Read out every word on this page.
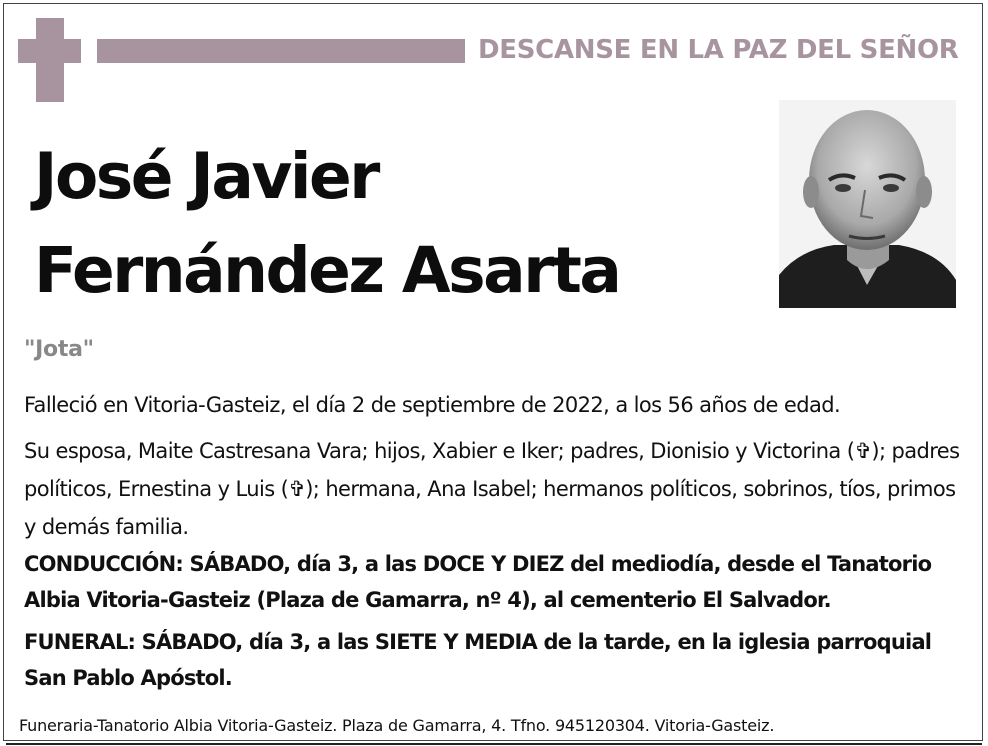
DESCANSE EN LA PAZ DEL SEÑOR
José Javier
Fernández Asarta
"Jota"
Falleció en Vitoria-Gasteiz, el día 2 de septiembre de 2022, a los 56 años de edad.
Su esposa, Maite Castresana Vara; hijos, Xabier e Iker; padres, Dionisio y Victorina (✞); padres políticos, Ernestina y Luis (✞); hermana, Ana Isabel; hermanos políticos, sobrinos, tíos, primos y demás familia.
CONDUCCIÓN: SÁBADO, día 3, a las DOCE Y DIEZ del mediodía, desde el Tanatorio Albia Vitoria-Gasteiz (Plaza de Gamarra, nº 4), al cementerio El Salvador.
FUNERAL: SÁBADO, día 3, a las SIETE Y MEDIA de la tarde, en la iglesia parroquial San Pablo Apóstol.
Funeraria-Tanatorio Albia Vitoria-Gasteiz. Plaza de Gamarra, 4. Tfno. 945120304. Vitoria-Gasteiz.
